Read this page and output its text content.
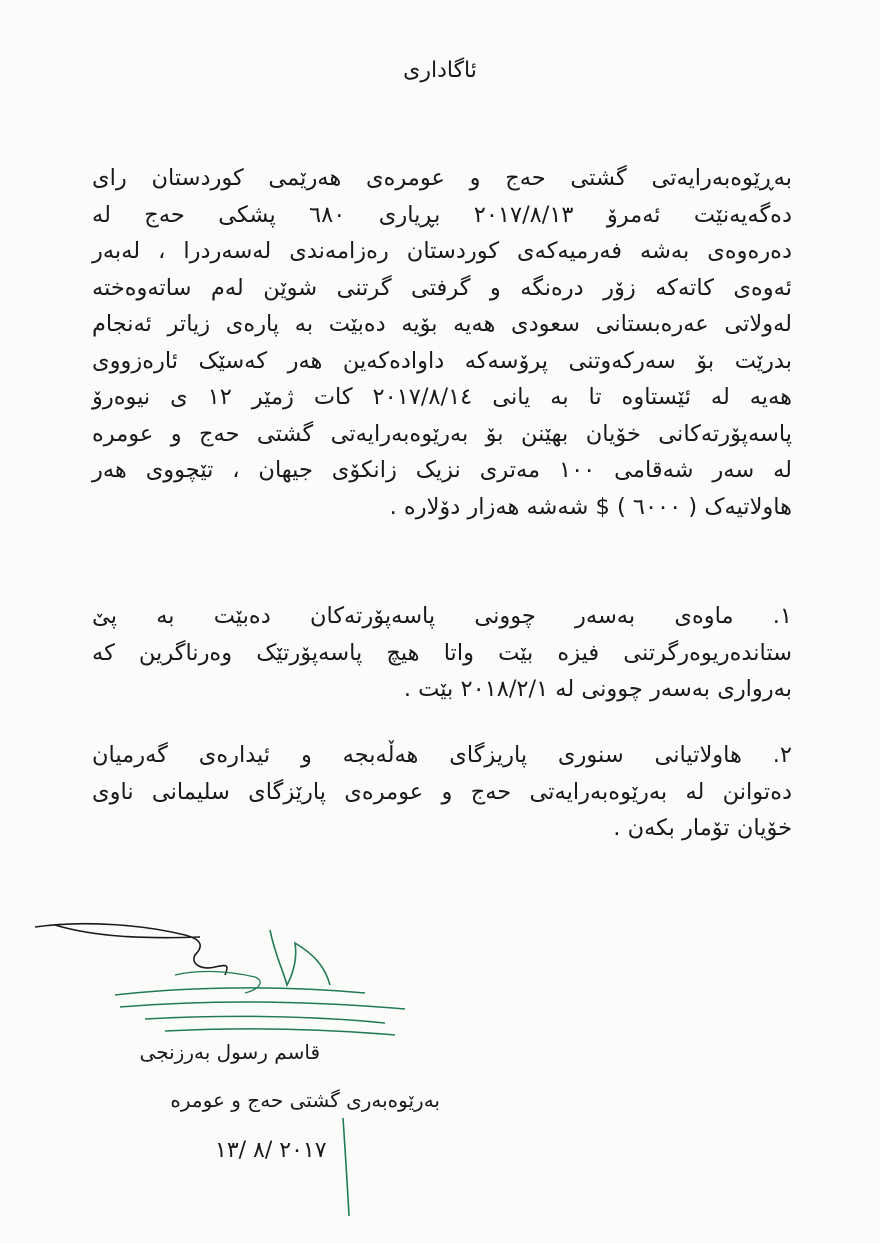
ئاگاداری
بەڕێوەبەرایەتی گشتی حەج و عومرەی هەرێمی کوردستان رای
دەگەیەنێت ئەمرۆ ٢٠١٧/٨/١٣ بڕیاری ٦٨٠ پشکی حەج لە
دەرەوەی بەشە فەرمیەکەی کوردستان رەزامەندی لەسەردرا ، لەبەر
ئەوەی کاتەکە زۆر درەنگە و گرفتی گرتنی شوێن لەم ساتەوەختە
لەولاتی عەرەبستانی سعودی هەیە بۆیە دەبێت بە پارەی زیاتر ئەنجام
بدرێت بۆ سەرکەوتنی پرۆسەکە داوادەکەین هەر کەسێک ئارەزووی
هەیە لە ئێستاوە تا بە یانی ٢٠١٧/٨/١٤ کات ژمێر ١٢ ی نیوەرۆ
پاسەپۆرتەکانی خۆیان بهێنن بۆ بەرێوەبەرایەتی گشتی حەج و عومرە
لە سەر شەقامی ١٠٠ مەتری نزیک زانکۆی جیهان ، تێچووی هەر
هاولاتیەک ( ٦٠٠٠ ) $ شەشە هەزار دۆلارە .
١. ماوەی بەسەر چوونی پاسەپۆرتەکان دەبێت بە پێ
ستاندەریوەرگرتنی فیزە بێت واتا هیچ پاسەپۆرتێک وەرناگرین کە
بەرواری بەسەر چوونی لە ٢٠١٨/٢/١ بێت .
٢. هاولاتیانی سنوری پاریزگای هەڵەبجە و ئیدارەی گەرمیان
دەتوانن لە بەرێوەبەرایەتی حەج و عومرەی پارێزگای سلیمانی ناوی
خۆیان تۆمار بکەن .
قاسم رسول بەرزنجی
بەرێوەبەری گشتی حەج و عومرە
٢٠١٧ /٨ /١٣
